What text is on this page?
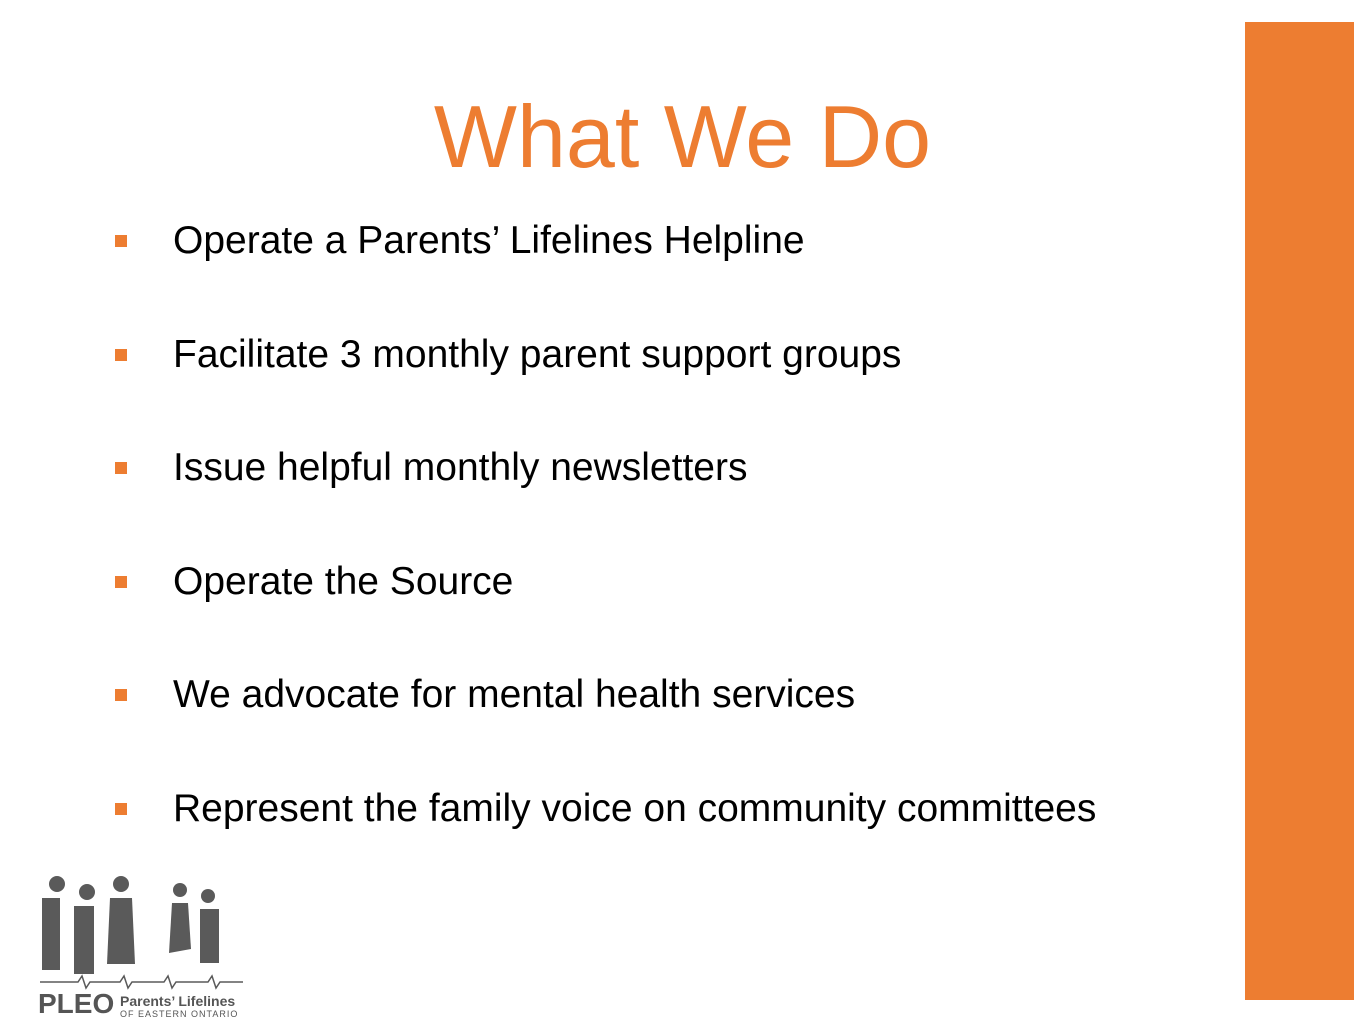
What We Do
Operate a Parents’ Lifelines Helpline
Facilitate 3 monthly parent support groups
Issue helpful monthly newsletters
Operate the Source
We advocate for mental health services
Represent the family voice on community committees
PLEO Parents’ Lifelines
OF EASTERN ONTARIO
